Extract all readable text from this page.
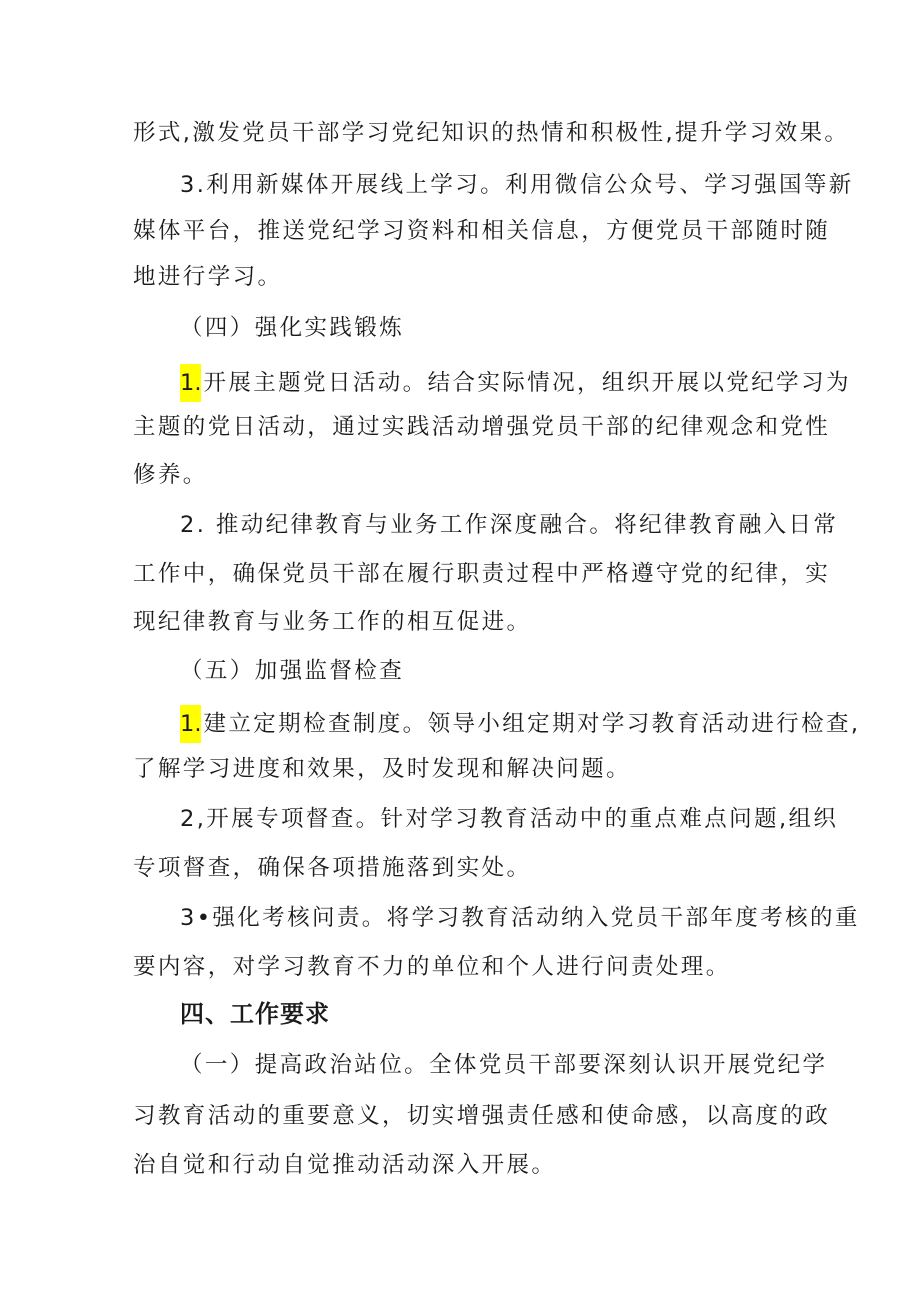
形式,激发党员干部学习党纪知识的热情和积极性,提升学习效果。
3.利用新媒体开展线上学习。利用微信公众号、学习强国等新
媒体平台，推送党纪学习资料和相关信息，方便党员干部随时随
地进行学习。
（四）强化实践锻炼
1.开展主题党日活动。结合实际情况，组织开展以党纪学习为
主题的党日活动，通过实践活动增强党员干部的纪律观念和党性
修养。
2. 推动纪律教育与业务工作深度融合。将纪律教育融入日常
工作中，确保党员干部在履行职责过程中严格遵守党的纪律，实
现纪律教育与业务工作的相互促进。
（五）加强监督检查
1.建立定期检查制度。领导小组定期对学习教育活动进行检查,
了解学习进度和效果，及时发现和解决问题。
2,开展专项督查。针对学习教育活动中的重点难点问题,组织
专项督查，确保各项措施落到实处。
3•强化考核问责。将学习教育活动纳入党员干部年度考核的重
要内容，对学习教育不力的单位和个人进行问责处理。
四、工作要求
（一）提高政治站位。全体党员干部要深刻认识开展党纪学
习教育活动的重要意义，切实增强责任感和使命感，以高度的政
治自觉和行动自觉推动活动深入开展。
